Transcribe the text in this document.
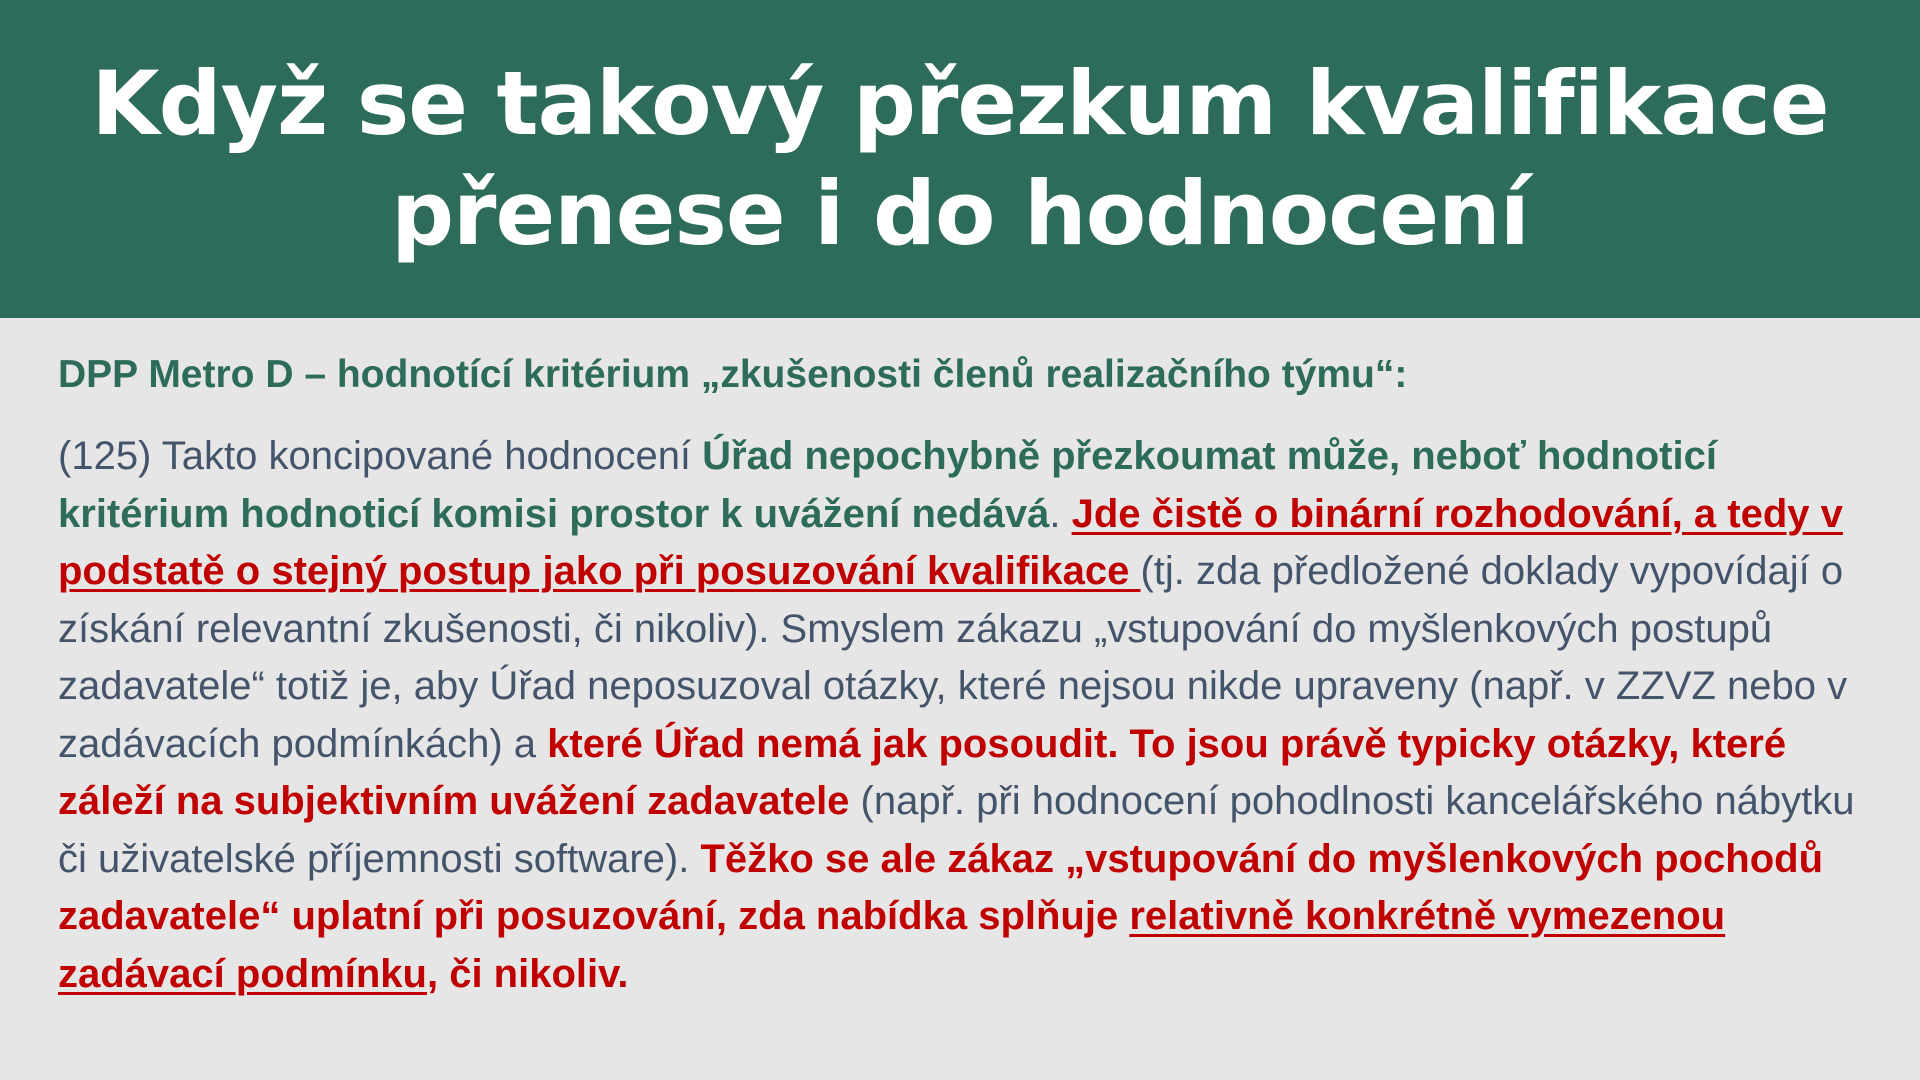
Když se takový přezkum kvalifikace
přenese i do hodnocení

DPP Metro D – hodnotící kritérium „zkušenosti členů realizačního týmu“:

(125) Takto koncipované hodnocení Úřad nepochybně přezkoumat může, neboť hodnoticí kritérium hodnoticí komisi prostor k uvážení nedává. Jde čistě o binární rozhodování, a tedy v podstatě o stejný postup jako při posuzování kvalifikace (tj. zda předložené doklady vypovídají o získání relevantní zkušenosti, či nikoliv). Smyslem zákazu „vstupování do myšlenkových postupů zadavatele“ totiž je, aby Úřad neposuzoval otázky, které nejsou nikde upraveny (např. v ZZVZ nebo v zadávacích podmínkách) a které Úřad nemá jak posoudit. To jsou právě typicky otázky, které záleží na subjektivním uvážení zadavatele (např. při hodnocení pohodlnosti kancelářského nábytku či uživatelské příjemnosti software). Těžko se ale zákaz „vstupování do myšlenkových pochodů zadavatele“ uplatní při posuzování, zda nabídka splňuje relativně konkrétně vymezenou zadávací podmínku, či nikoliv.
